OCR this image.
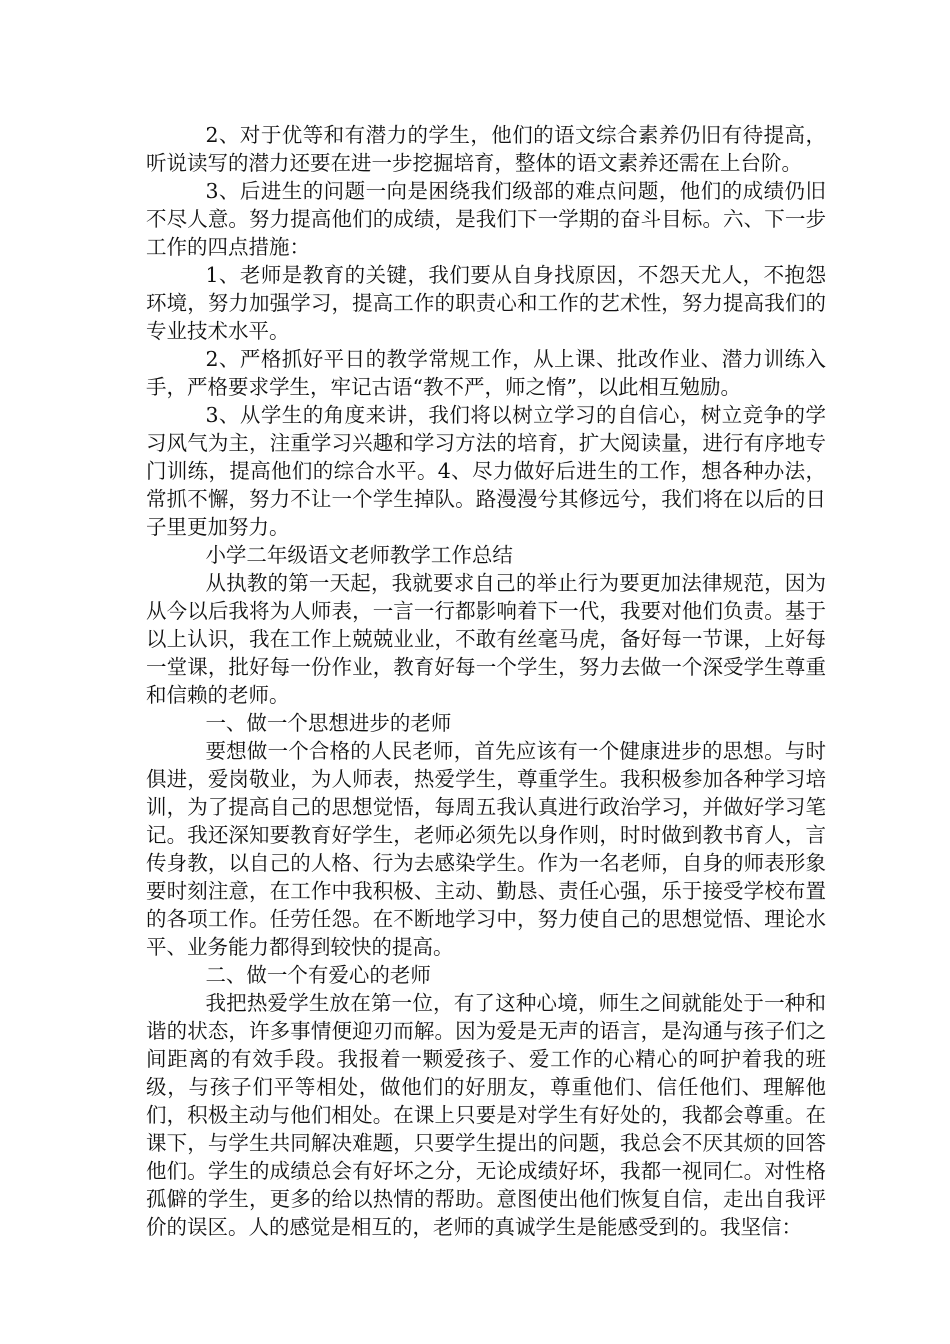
2、对于优等和有潜力的学生，他们的语文综合素养仍旧有待提高，听说读写的潜力还要在进一步挖掘培育，整体的语文素养还需在上台阶。

3、后进生的问题一向是困绕我们级部的难点问题，他们的成绩仍旧不尽人意。努力提高他们的成绩，是我们下一学期的奋斗目标。六、下一步工作的四点措施：

1、老师是教育的关键，我们要从自身找原因，不怨天尤人，不抱怨环境，努力加强学习，提高工作的职责心和工作的艺术性，努力提高我们的专业技术水平。

2、严格抓好平日的教学常规工作，从上课、批改作业、潜力训练入手，严格要求学生，牢记古语“教不严，师之惰”，以此相互勉励。

3、从学生的角度来讲，我们将以树立学习的自信心，树立竞争的学习风气为主，注重学习兴趣和学习方法的培育，扩大阅读量，进行有序地专门训练，提高他们的综合水平。4、尽力做好后进生的工作，想各种办法，常抓不懈，努力不让一个学生掉队。路漫漫兮其修远兮，我们将在以后的日子里更加努力。

小学二年级语文老师教学工作总结

从执教的第一天起，我就要求自己的举止行为要更加法律规范，因为从今以后我将为人师表，一言一行都影响着下一代，我要对他们负责。基于以上认识，我在工作上兢兢业业，不敢有丝毫马虎，备好每一节课，上好每一堂课，批好每一份作业，教育好每一个学生，努力去做一个深受学生尊重和信赖的老师。

一、做一个思想进步的老师

要想做一个合格的人民老师，首先应该有一个健康进步的思想。与时俱进，爱岗敬业，为人师表，热爱学生，尊重学生。我积极参加各种学习培训，为了提高自己的思想觉悟，每周五我认真进行政治学习，并做好学习笔记。我还深知要教育好学生，老师必须先以身作则，时时做到教书育人，言传身教，以自己的人格、行为去感染学生。作为一名老师，自身的师表形象要时刻注意，在工作中我积极、主动、勤恳、责任心强，乐于接受学校布置的各项工作。任劳任怨。在不断地学习中，努力使自己的思想觉悟、理论水平、业务能力都得到较快的提高。

二、做一个有爱心的老师

我把热爱学生放在第一位，有了这种心境，师生之间就能处于一种和谐的状态，许多事情便迎刃而解。因为爱是无声的语言，是沟通与孩子们之间距离的有效手段。我报着一颗爱孩子、爱工作的心精心的呵护着我的班级，与孩子们平等相处，做他们的好朋友，尊重他们、信任他们、理解他们，积极主动与他们相处。在课上只要是对学生有好处的，我都会尊重。在课下，与学生共同解决难题，只要学生提出的问题，我总会不厌其烦的回答他们。学生的成绩总会有好坏之分，无论成绩好坏，我都一视同仁。对性格孤僻的学生，更多的给以热情的帮助。意图使出他们恢复自信，走出自我评价的误区。人的感觉是相互的，老师的真诚学生是能感受到的。我坚信：
